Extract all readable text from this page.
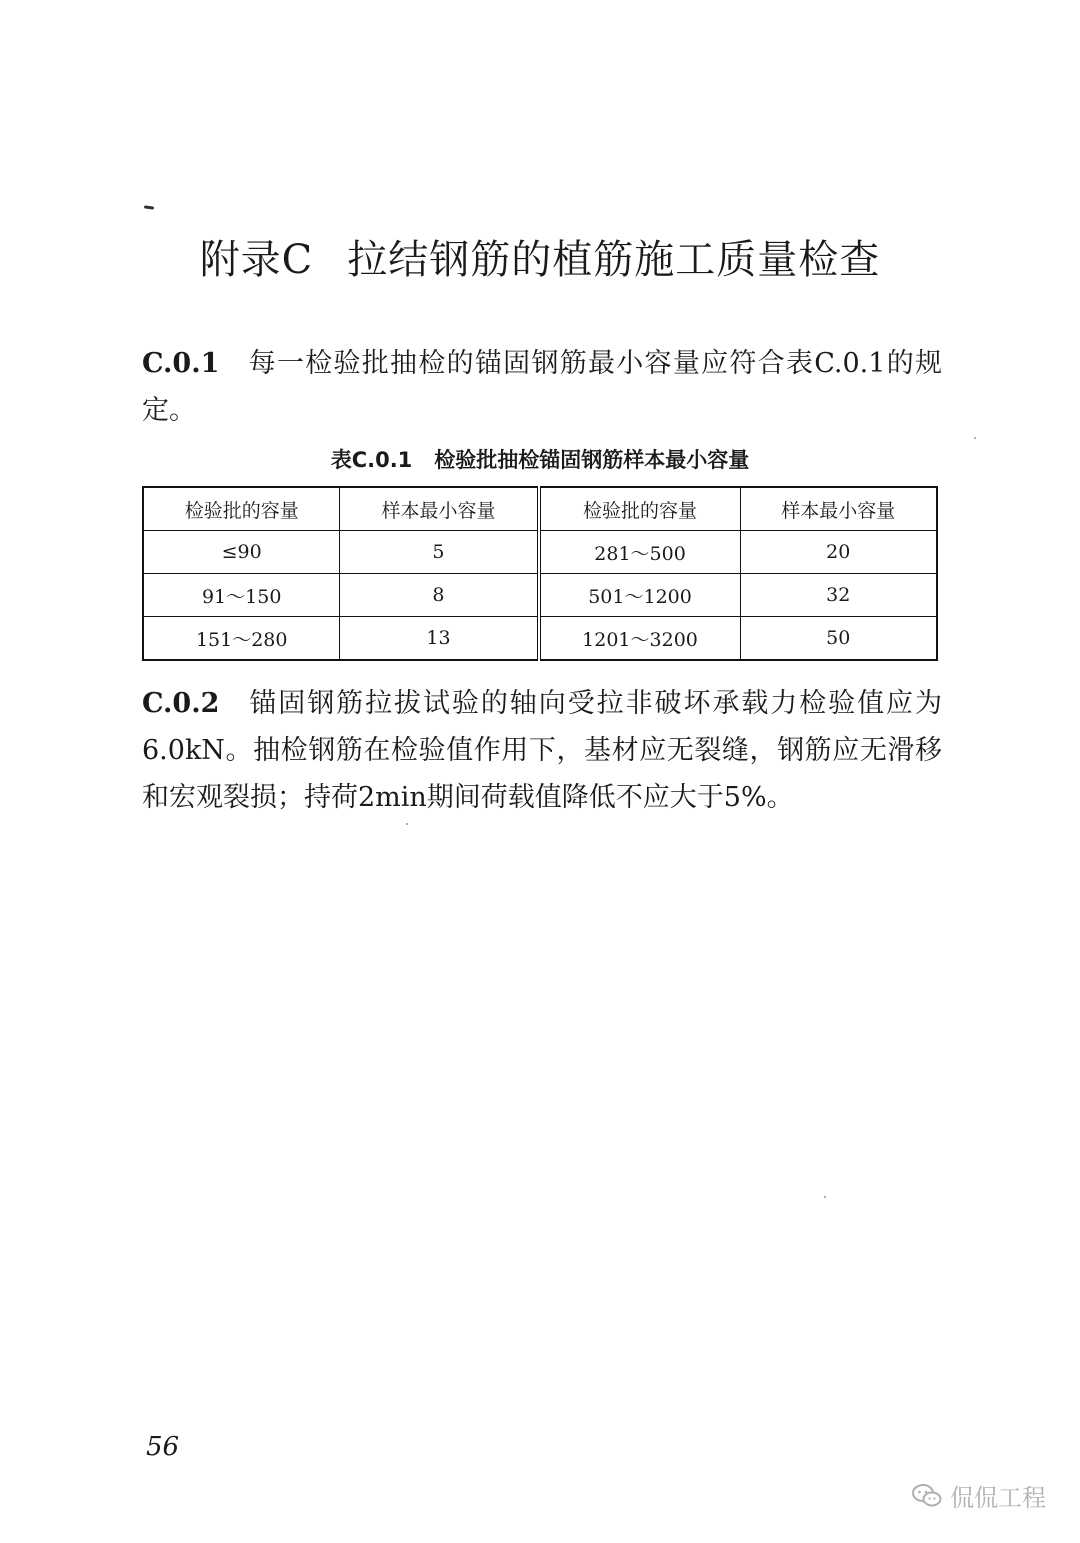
附录C 拉结钢筋的植筋施工质量检查
C.0.1 每一检验批抽检的锚固钢筋最小容量应符合表C.0.1的规定。
表C.0.1 检验批抽检锚固钢筋样本最小容量
检验批的容量	样本最小容量	检验批的容量	样本最小容量
≤90	5	281～500	20
91～150	8	501～1200	32
151～280	13	1201～3200	50
C.0.2 锚固钢筋拉拔试验的轴向受拉非破坏承载力检验值应为6.0kN。抽检钢筋在检验值作用下，基材应无裂缝，钢筋应无滑移和宏观裂损；持荷2min期间荷载值降低不应大于5%。
56
侃侃工程
